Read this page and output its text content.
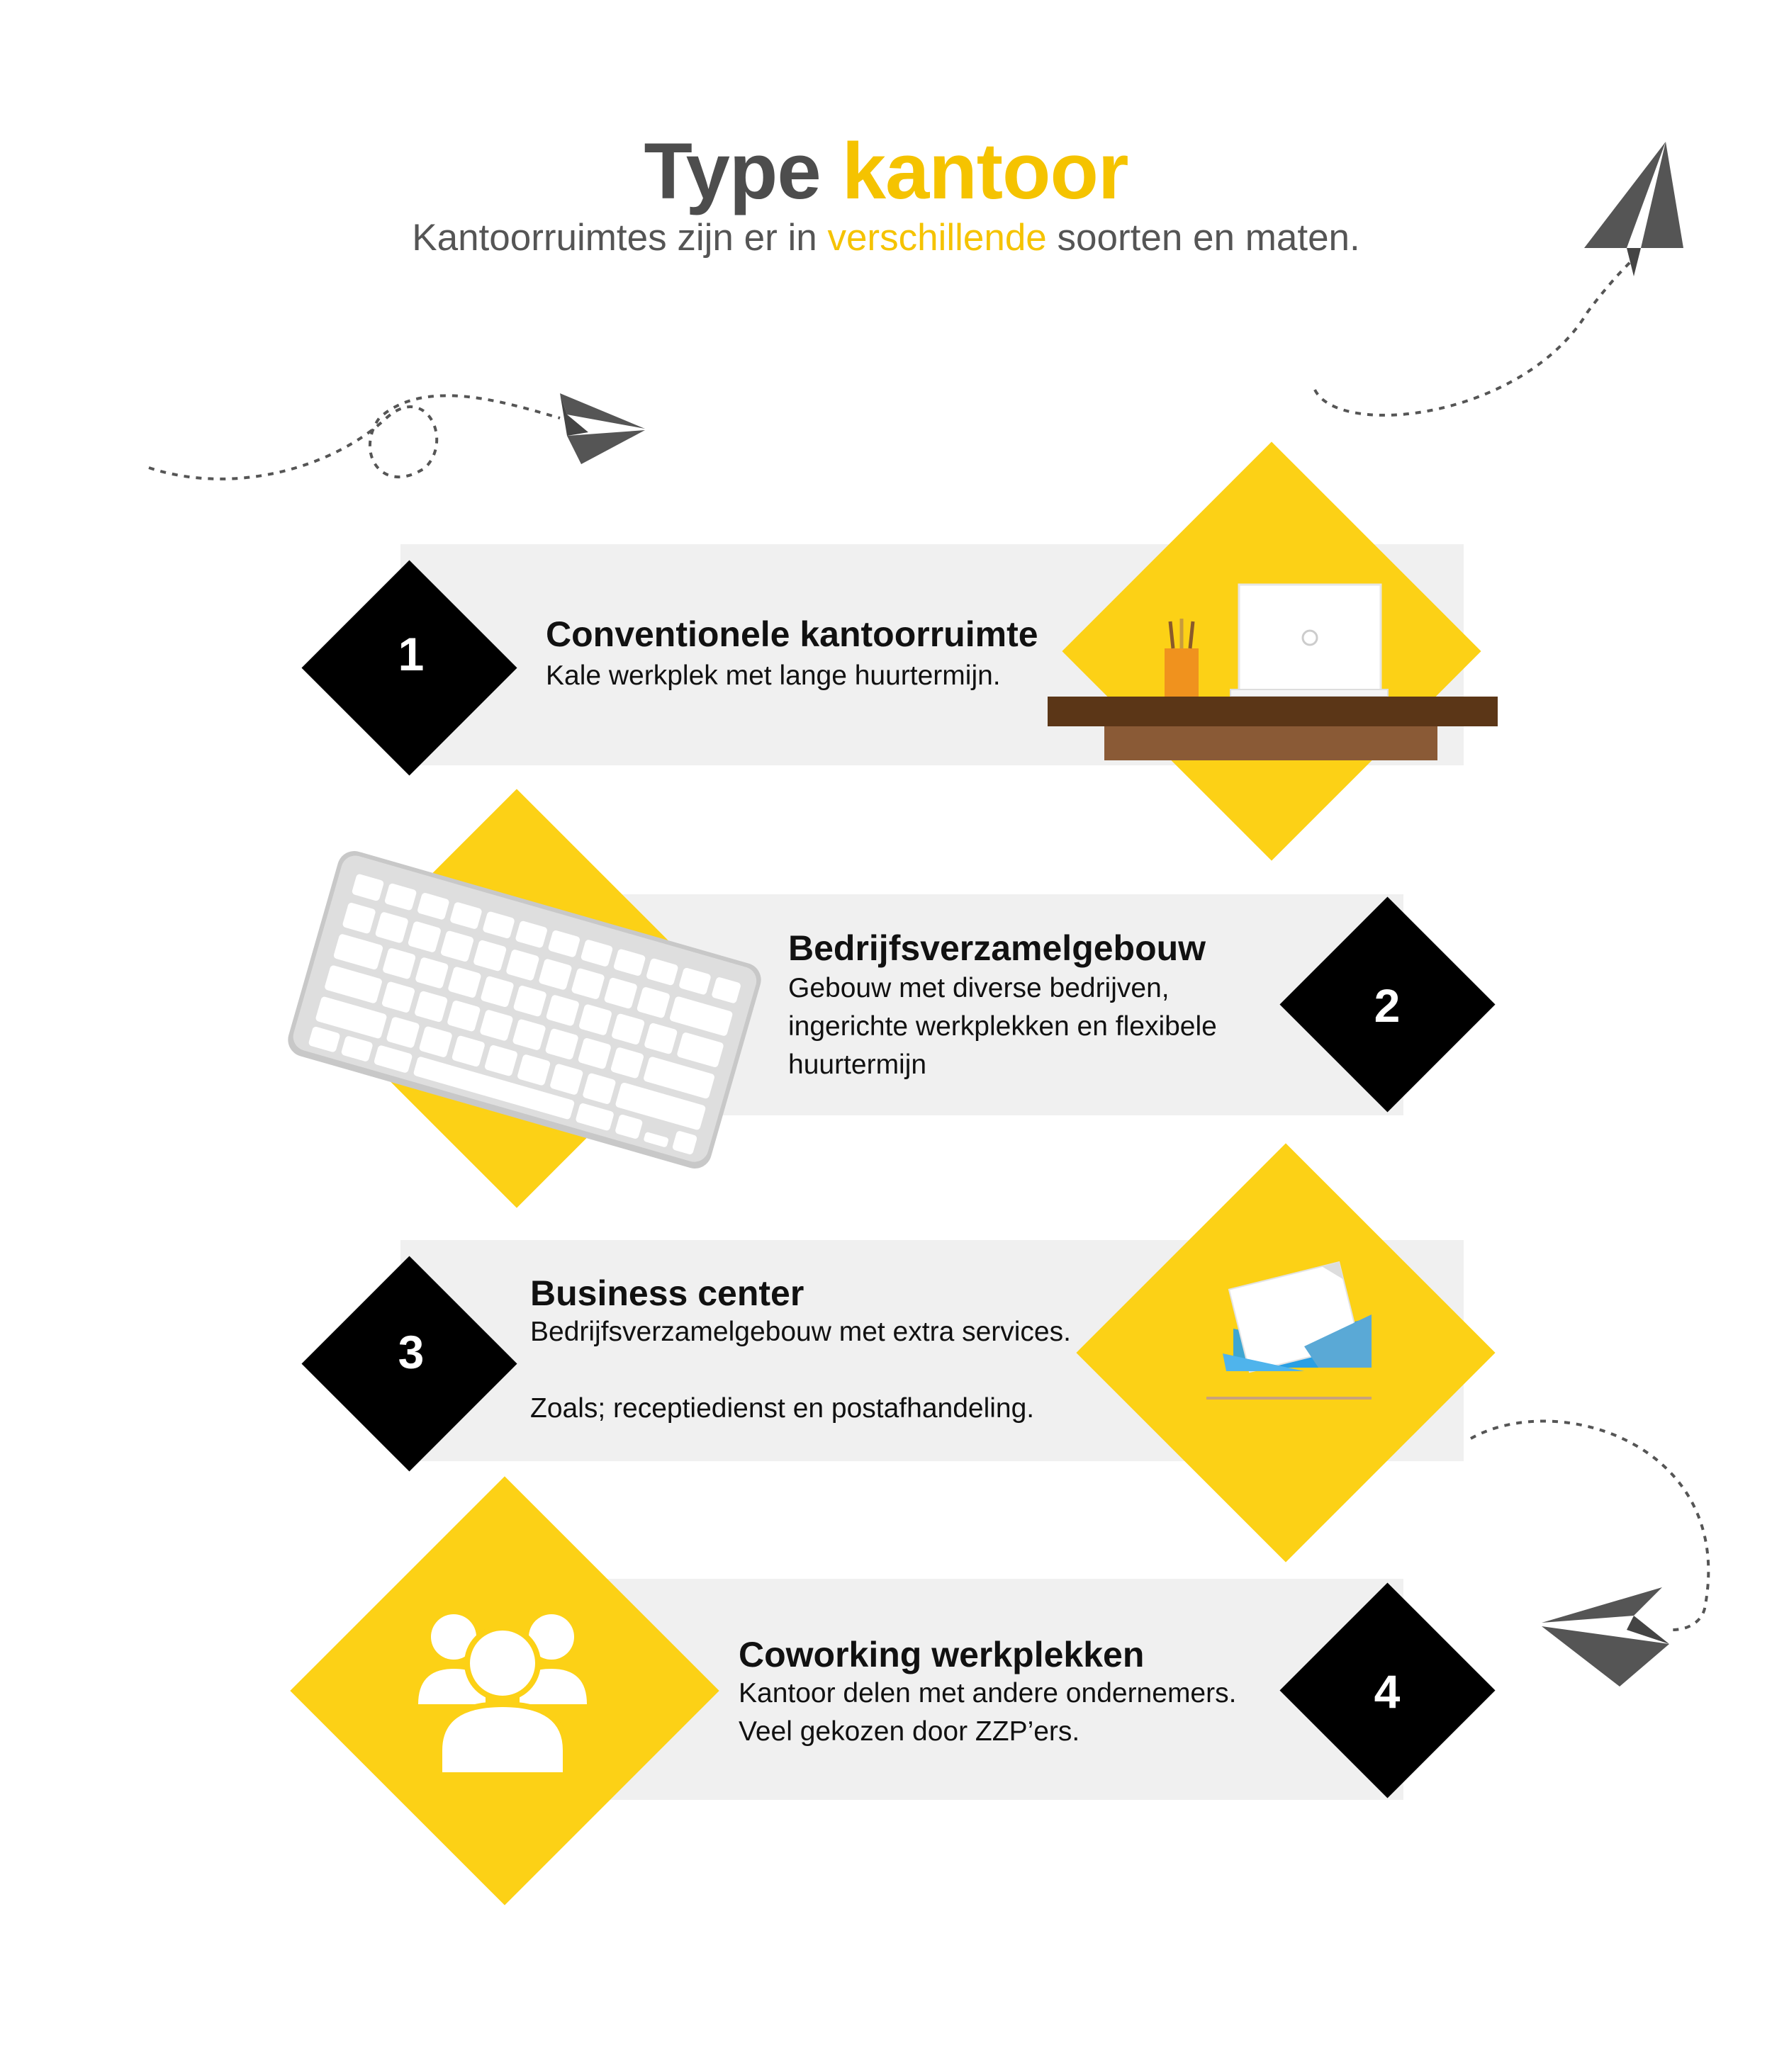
Type kantoor
Kantoorruimtes zijn er in verschillende soorten en maten.
1	Conventionele kantoorruimte
Kale werkplek met lange huurtermijn.
2
Bedrijfsverzamelgebouw
Gebouw met diverse bedrijven,
ingerichte werkplekken en flexibele
huurtermijn
3
Business center
Bedrijfsverzamelgebouw met extra services.
Zoals; receptiedienst en postafhandeling.
4
Coworking werkplekken
Kantoor delen met andere ondernemers.
Veel gekozen door ZZP’ers.
